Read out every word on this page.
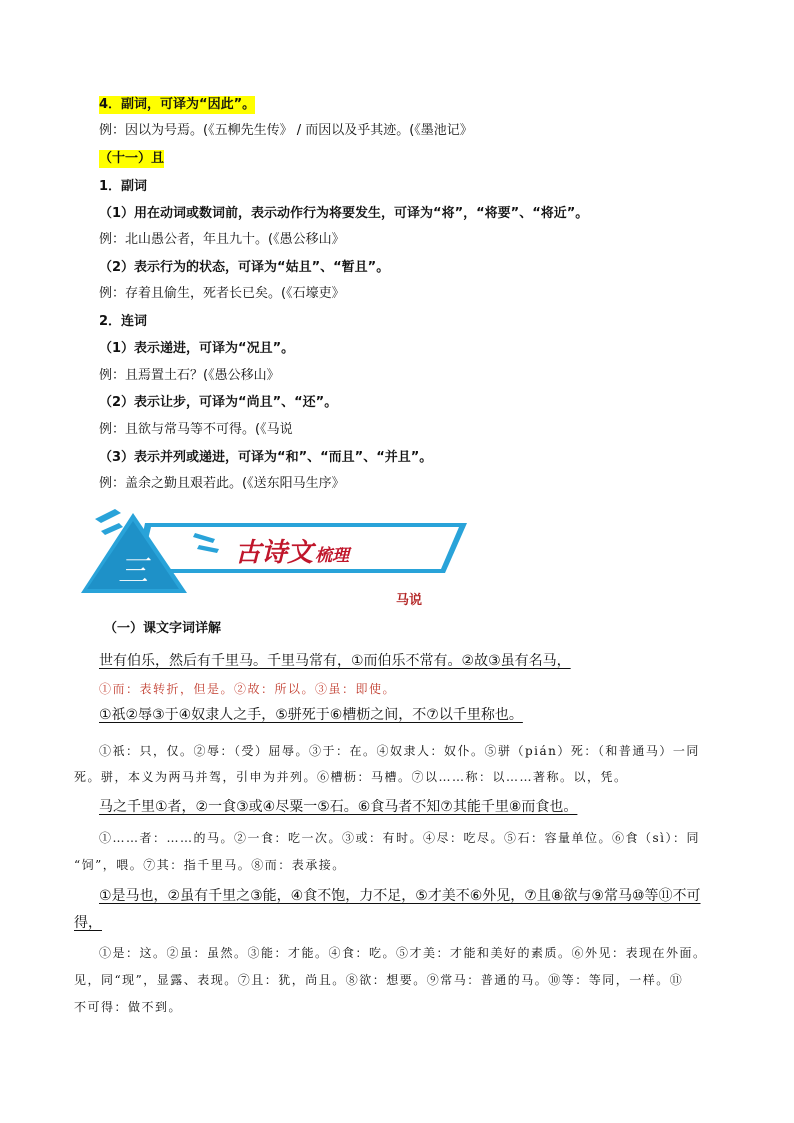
4．副词，可译为“因此”。
例：因以为号焉。(《五柳先生传》 / 而因以及乎其迹。(《墨池记》
（十一）且
1．副词
（1）用在动词或数词前，表示动作行为将要发生，可译为“将”，“将要”、“将近”。
例：北山愚公者，年且九十。(《愚公移山》
（2）表示行为的状态，可译为“姑且”、“暂且”。
例：存着且偷生，死者长已矣。(《石壕吏》
2．连词
（1）表示递进，可译为“况且”。
例：且焉置土石？(《愚公移山》
（2）表示让步，可译为“尚且”、“还”。
例：且欲与常马等不可得。(《马说
（3）表示并列或递进，可译为“和”、“而且”、“并且”。
例：盖余之勤且艰若此。(《送东阳马生序》
三
古诗文 梳理
马说
（一）课文字词详解
世有伯乐，然后有千里马。千里马常有，①而伯乐不常有。②故③虽有名马，
①而：表转折，但是。②故：所以。③虽：即使。
①祇②辱③于④奴隶人之手，⑤骈死于⑥槽枥之间，不⑦以千里称也。
①祇：只，仅。②辱：（受）屈辱。③于：在。④奴隶人：奴仆。⑤骈（pián）死：（和普通马）一同
死。骈，本义为两马并驾，引申为并列。⑥槽枥：马槽。⑦以……称：以……著称。以，凭。
马之千里①者，②一食③或④尽粟一⑤石。⑥食马者不知⑦其能千里⑧而食也。
①……者：……的马。②一食：吃一次。③或：有时。④尽：吃尽。⑤石：容量单位。⑥食（sì）：同
“饲”，喂。⑦其：指千里马。⑧而：表承接。
①是马也，②虽有千里之③能，④食不饱，力不足，⑤才美不⑥外见，⑦且⑧欲与⑨常马⑩等⑪不可
得，
①是：这。②虽：虽然。③能：才能。④食：吃。⑤才美：才能和美好的素质。⑥外见：表现在外面。
见，同“现”，显露、表现。⑦且：犹，尚且。⑧欲：想要。⑨常马：普通的马。⑩等：等同，一样。⑪
不可得：做不到。
